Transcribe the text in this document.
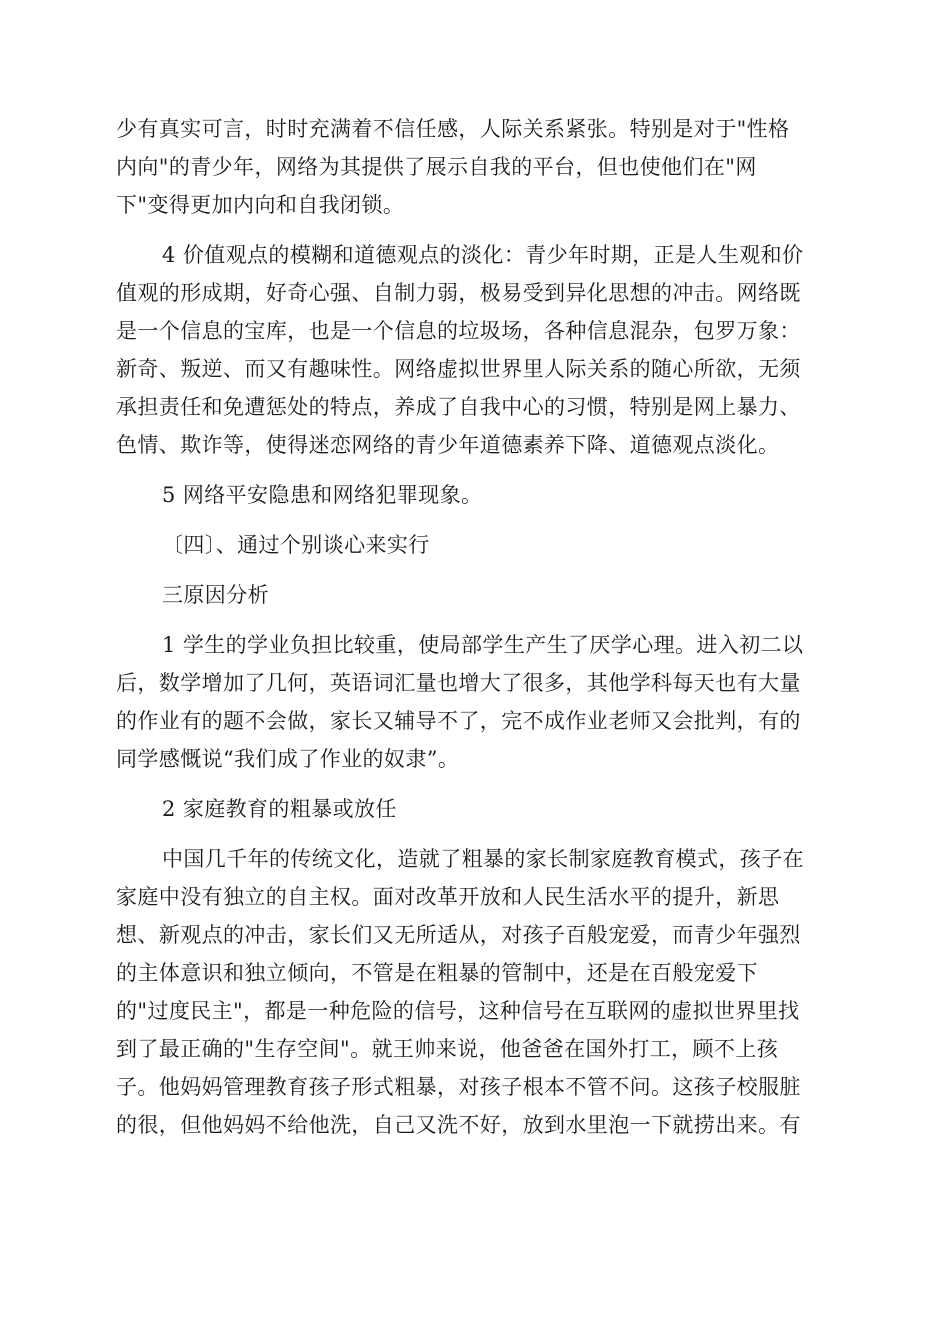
少有真实可言，时时充满着不信任感，人际关系紧张。特别是对于"性格
内向"的青少年，网络为其提供了展示自我的平台，但也使他们在"网
下"变得更加内向和自我闭锁。

4 价值观点的模糊和道德观点的淡化：青少年时期，正是人生观和价
值观的形成期，好奇心强、自制力弱，极易受到异化思想的冲击。网络既
是一个信息的宝库，也是一个信息的垃圾场，各种信息混杂，包罗万象：
新奇、叛逆、而又有趣味性。网络虚拟世界里人际关系的随心所欲，无须
承担责任和免遭惩处的特点，养成了自我中心的习惯，特别是网上暴力、
色情、欺诈等，使得迷恋网络的青少年道德素养下降、道德观点淡化。

5 网络平安隐患和网络犯罪现象。

〔四〕、通过个别谈心来实行

三原因分析

1 学生的学业负担比较重，使局部学生产生了厌学心理。进入初二以
后，数学增加了几何，英语词汇量也增大了很多，其他学科每天也有大量
的作业有的题不会做，家长又辅导不了，完不成作业老师又会批判，有的
同学感慨说“我们成了作业的奴隶”。

2 家庭教育的粗暴或放任

中国几千年的传统文化，造就了粗暴的家长制家庭教育模式，孩子在
家庭中没有独立的自主权。面对改革开放和人民生活水平的提升，新思
想、新观点的冲击，家长们又无所适从，对孩子百般宠爱，而青少年强烈
的主体意识和独立倾向，不管是在粗暴的管制中，还是在百般宠爱下
的"过度民主"，都是一种危险的信号，这种信号在互联网的虚拟世界里找
到了最正确的"生存空间"。就王帅来说，他爸爸在国外打工，顾不上孩
子。他妈妈管理教育孩子形式粗暴，对孩子根本不管不问。这孩子校服脏
的很，但他妈妈不给他洗，自己又洗不好，放到水里泡一下就捞出来。有
